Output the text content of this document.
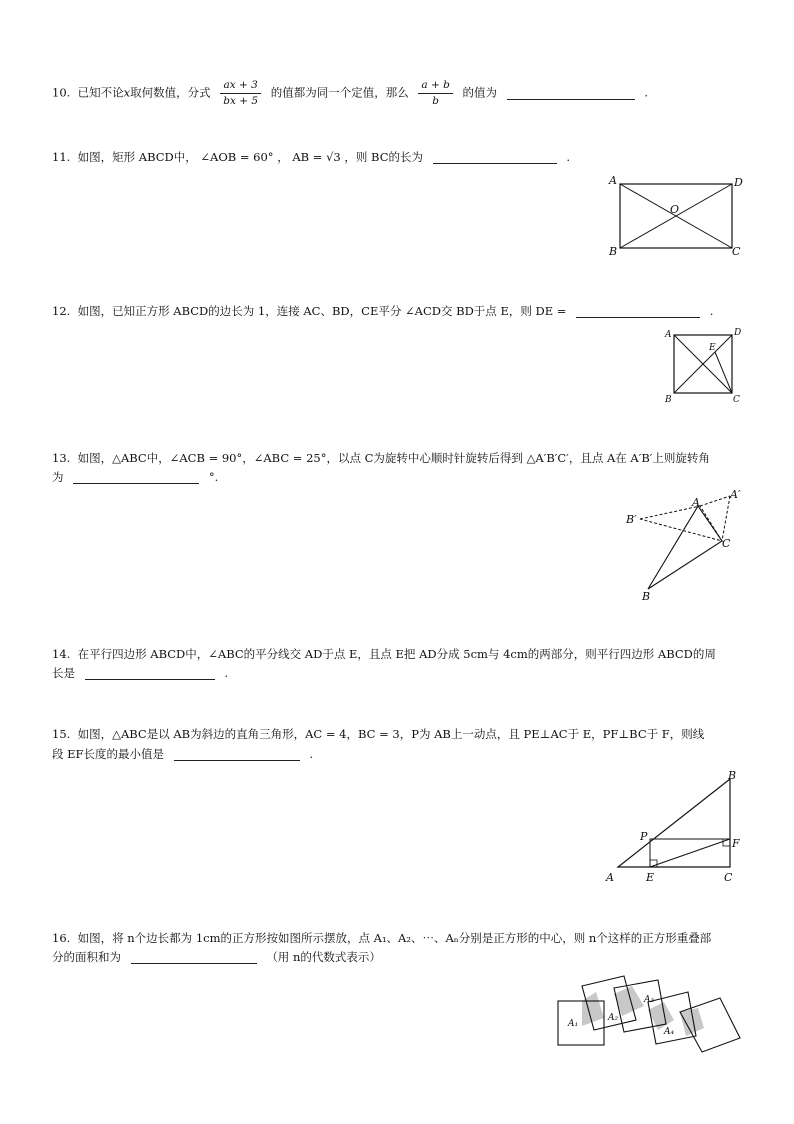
10. 已知不论x取何数值，分式 $\frac{ax + 3}{bx + 5}$ 的值都为同一个定值，那么 $\frac{a + b}{b}$ 的值为	.
11. 如图，矩形 ABCD中， ∠AOB = 60° ， AB = √3 ，则 BC的长为	.
A	D
B	C
O
12. 如图，已知正方形 ABCD的边长为 1，连接 AC、BD，CE平分 ∠ACD交 BD于点 E，则 DE =	.
A	D
B	C
E
13. 如图，△ABC中，∠ACB = 90°，∠ABC = 25°，以点 C为旋转中心顺时针旋转后得到 △A′B′C′，且点 A在 A′B′上则旋转角
为	°.
A
A′
B′
C
B
14. 在平行四边形 ABCD中，∠ABC的平分线交 AD于点 E，且点 E把 AD分成 5cm与 4cm的两部分，则平行四边形 ABCD的周
长是	.
15. 如图，△ABC是以 AB为斜边的直角三角形，AC = 4，BC = 3，P为 AB上一动点，且 PE⊥AC于 E，PF⊥BC于 F，则线
段 EF长度的最小值是	.
A	E	C
F
B
P
16. 如图，将 n个边长都为 1cm的正方形按如图所示摆放，点 A₁、A₂、⋯、Aₙ分别是正方形的中心，则 n个这样的正方形重叠部
分的面积和为	（用 n的代数式表示）
A₁
A₂
A₃
A₄
